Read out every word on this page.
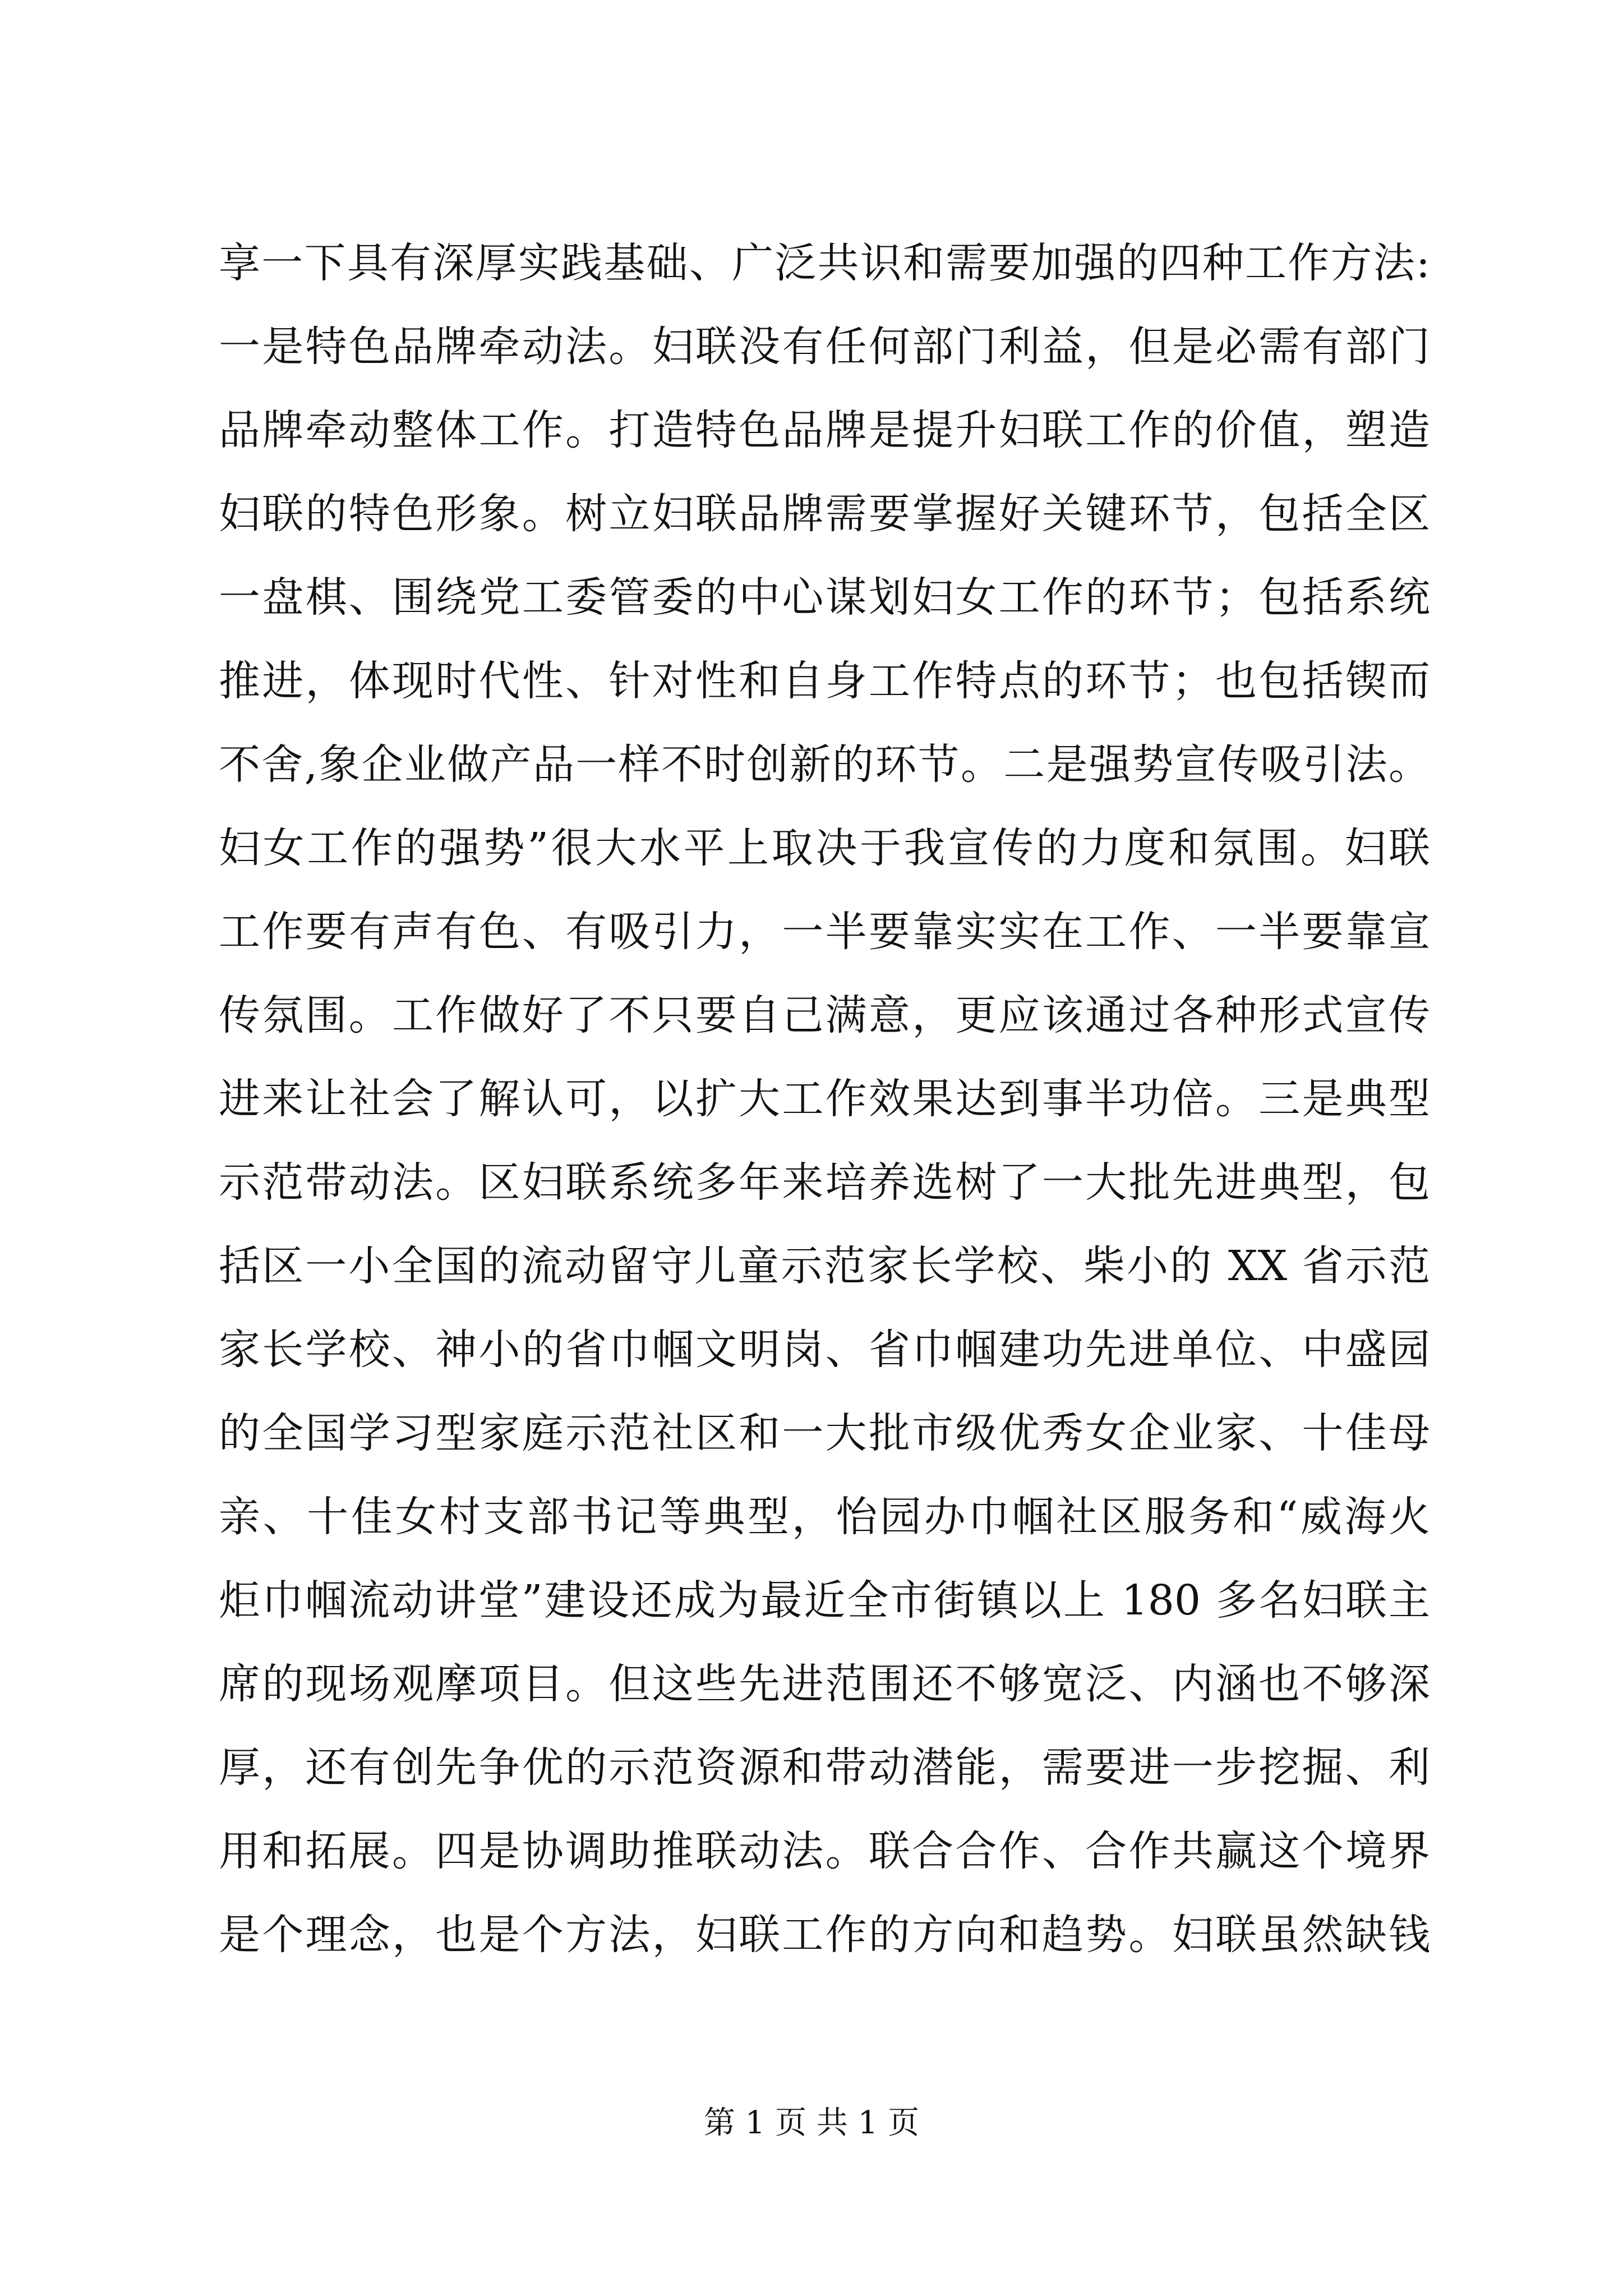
享一下具有深厚实践基础、广泛共识和需要加强的四种工作方法:
一是特色品牌牵动法。妇联没有任何部门利益，但是必需有部门
品牌牵动整体工作。打造特色品牌是提升妇联工作的价值，塑造
妇联的特色形象。树立妇联品牌需要掌握好关键环节，包括全区
一盘棋、围绕党工委管委的中心谋划妇女工作的环节；包括系统
推进，体现时代性、针对性和自身工作特点的环节；也包括锲而
不舍,象企业做产品一样不时创新的环节。二是强势宣传吸引法。
妇女工作的强势”很大水平上取决于我宣传的力度和氛围。妇联
工作要有声有色、有吸引力，一半要靠实实在工作、一半要靠宣
传氛围。工作做好了不只要自己满意，更应该通过各种形式宣传
进来让社会了解认可，以扩大工作效果达到事半功倍。三是典型
示范带动法。区妇联系统多年来培养选树了一大批先进典型，包
括区一小全国的流动留守儿童示范家长学校、柴小的 XX 省示范
家长学校、神小的省巾帼文明岗、省巾帼建功先进单位、中盛园
的全国学习型家庭示范社区和一大批市级优秀女企业家、十佳母
亲、十佳女村支部书记等典型，怡园办巾帼社区服务和“威海火
炬巾帼流动讲堂”建设还成为最近全市街镇以上 180 多名妇联主
席的现场观摩项目。但这些先进范围还不够宽泛、内涵也不够深
厚，还有创先争优的示范资源和带动潜能，需要进一步挖掘、利
用和拓展。四是协调助推联动法。联合合作、合作共赢这个境界
是个理念，也是个方法，妇联工作的方向和趋势。妇联虽然缺钱
第 1 页 共 1 页
